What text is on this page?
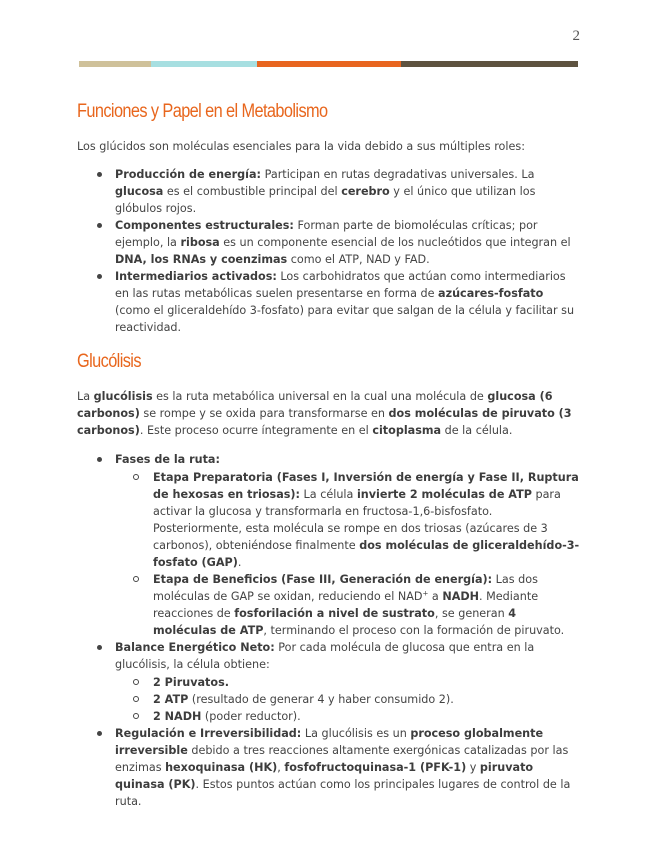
2
Funciones y Papel en el Metabolismo

Los glúcidos son moléculas esenciales para la vida debido a sus múltiples roles:

Producción de energía: Participan en rutas degradativas universales. La glucosa es el combustible principal del cerebro y el único que utilizan los glóbulos rojos.
Componentes estructurales: Forman parte de biomoléculas críticas; por ejemplo, la ribosa es un componente esencial de los nucleótidos que integran el DNA, los RNAs y coenzimas como el ATP, NAD y FAD.
Intermediarios activados: Los carbohidratos que actúan como intermediarios en las rutas metabólicas suelen presentarse en forma de azúcares-fosfato (como el gliceraldehído 3-fosfato) para evitar que salgan de la célula y facilitar su reactividad.
Glucólisis

La glucólisis es la ruta metabólica universal en la cual una molécula de glucosa (6 carbonos) se rompe y se oxida para transformarse en dos moléculas de piruvato (3 carbonos). Este proceso ocurre íntegramente en el citoplasma de la célula.

Fases de la ruta:
Etapa Preparatoria (Fases I, Inversión de energía y Fase II, Ruptura de hexosas en triosas): La célula invierte 2 moléculas de ATP para activar la glucosa y transformarla en fructosa-1,6-bisfosfato. Posteriormente, esta molécula se rompe en dos triosas (azúcares de 3 carbonos), obteniéndose finalmente dos moléculas de gliceraldehído-3-fosfato (GAP).
Etapa de Beneficios (Fase III, Generación de energía): Las dos moléculas de GAP se oxidan, reduciendo el NAD+ a NADH. Mediante reacciones de fosforilación a nivel de sustrato, se generan 4 moléculas de ATP, terminando el proceso con la formación de piruvato.
Balance Energético Neto: Por cada molécula de glucosa que entra en la glucólisis, la célula obtiene:
2 Piruvatos.
2 ATP (resultado de generar 4 y haber consumido 2).
2 NADH (poder reductor).
Regulación e Irreversibilidad: La glucólisis es un proceso globalmente irreversible debido a tres reacciones altamente exergónicas catalizadas por las enzimas hexoquinasa (HK), fosfofructoquinasa-1 (PFK-1) y piruvato quinasa (PK). Estos puntos actúan como los principales lugares de control de la ruta.
